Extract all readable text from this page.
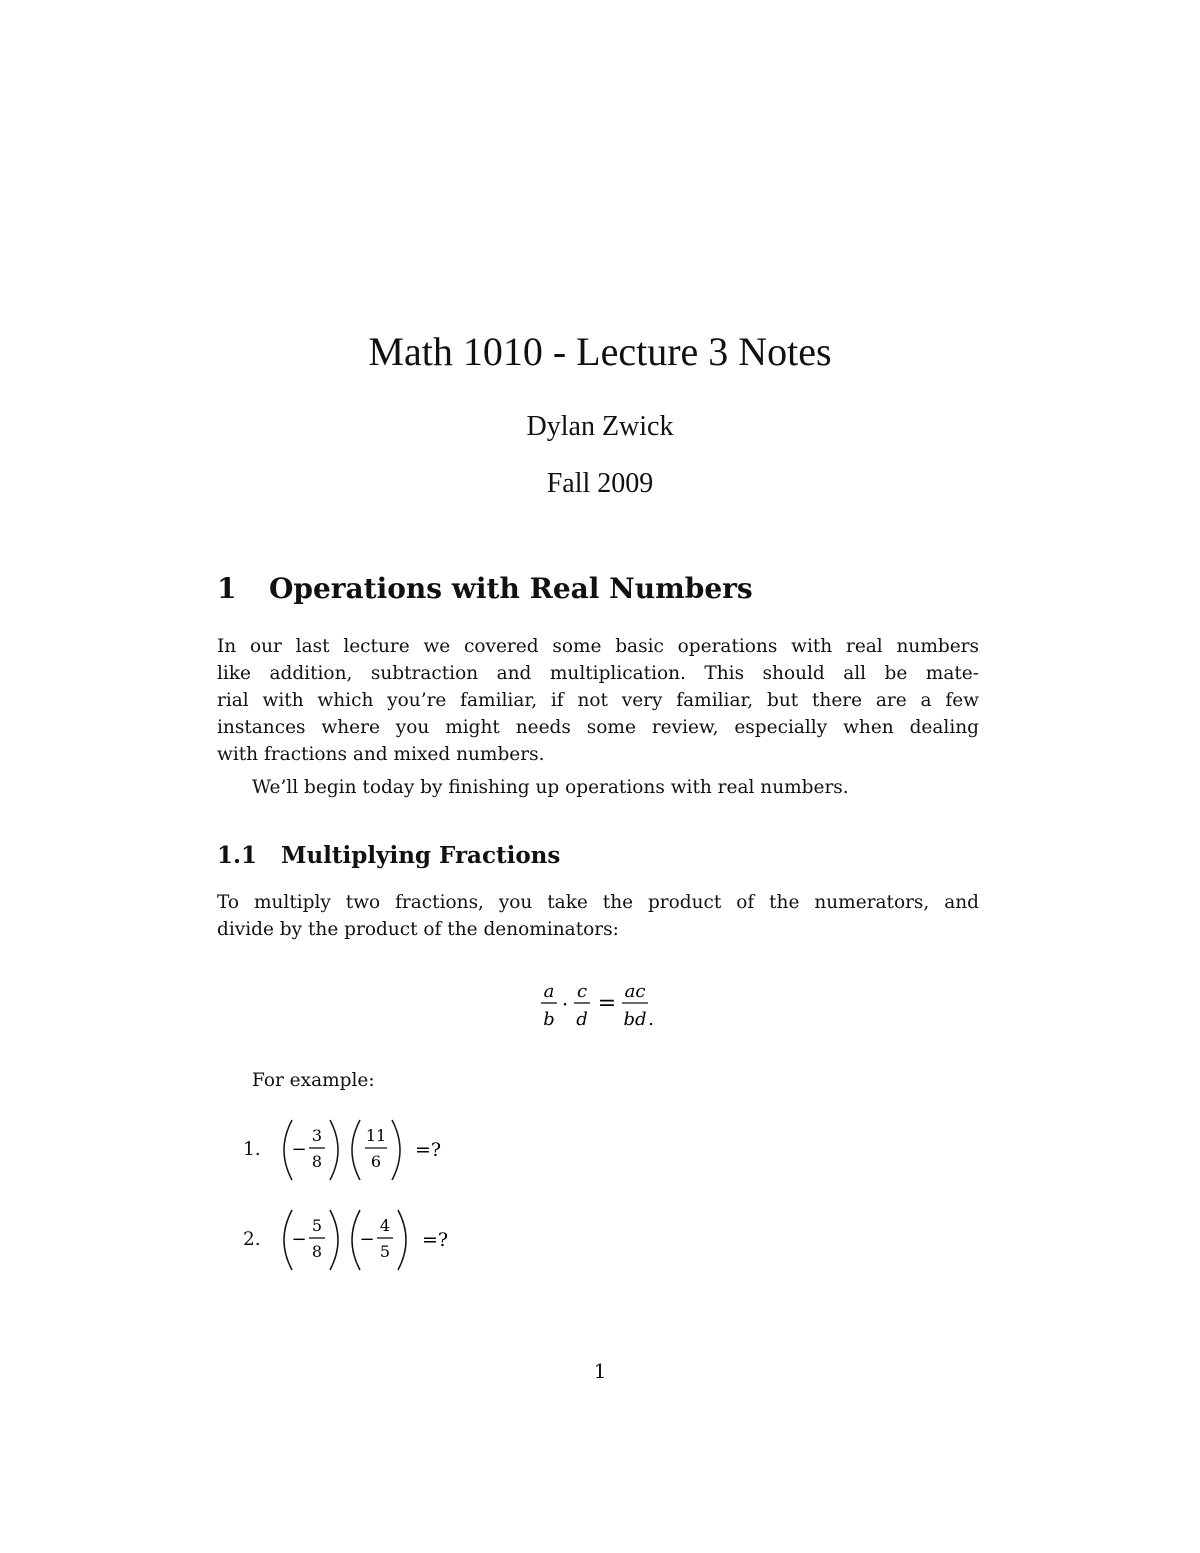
Math 1010 - Lecture 3 Notes
Dylan Zwick
Fall 2009
1 Operations with Real Numbers
In our last lecture we covered some basic operations with real numbers
like addition, subtraction and multiplication. This should all be mate-
rial with which you’re familiar, if not very familiar, but there are a few
instances where you might needs some review, especially when dealing
with fractions and mixed numbers.
We’ll begin today by finishing up operations with real numbers.
1.1 Multiplying Fractions
To multiply two fractions, you take the product of the numerators, and
divide by the product of the denominators:
a
b
·
c
d
= ac
bd .
For example:
1. −
3
8
11
6
=?
2. −
5
8
−
4
5
=?
1
